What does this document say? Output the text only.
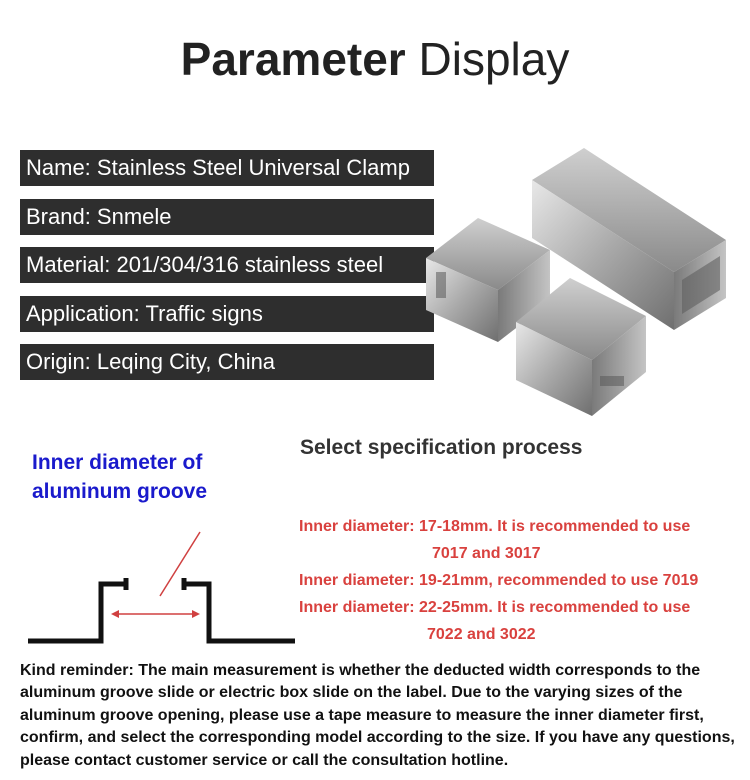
Parameter Display
Name: Stainless Steel Universal Clamp
Brand: Snmele
Material: 201/304/316 stainless steel
Application: Traffic signs
Origin: Leqing City, China
Inner diameter of
aluminum groove
Select specification process
Inner diameter: 17-18mm. It is recommended to use
7017 and 3017
Inner diameter: 19-21mm, recommended to use 7019
Inner diameter: 22-25mm. It is recommended to use
7022 and 3022
Kind reminder: The main measurement is whether the deducted width corresponds to the aluminum groove slide or electric box slide on the label. Due to the varying sizes of the aluminum groove opening, please use a tape measure to measure the inner diameter first, confirm, and select the corresponding model according to the size. If you have any questions, please contact customer service or call the consultation hotline.
